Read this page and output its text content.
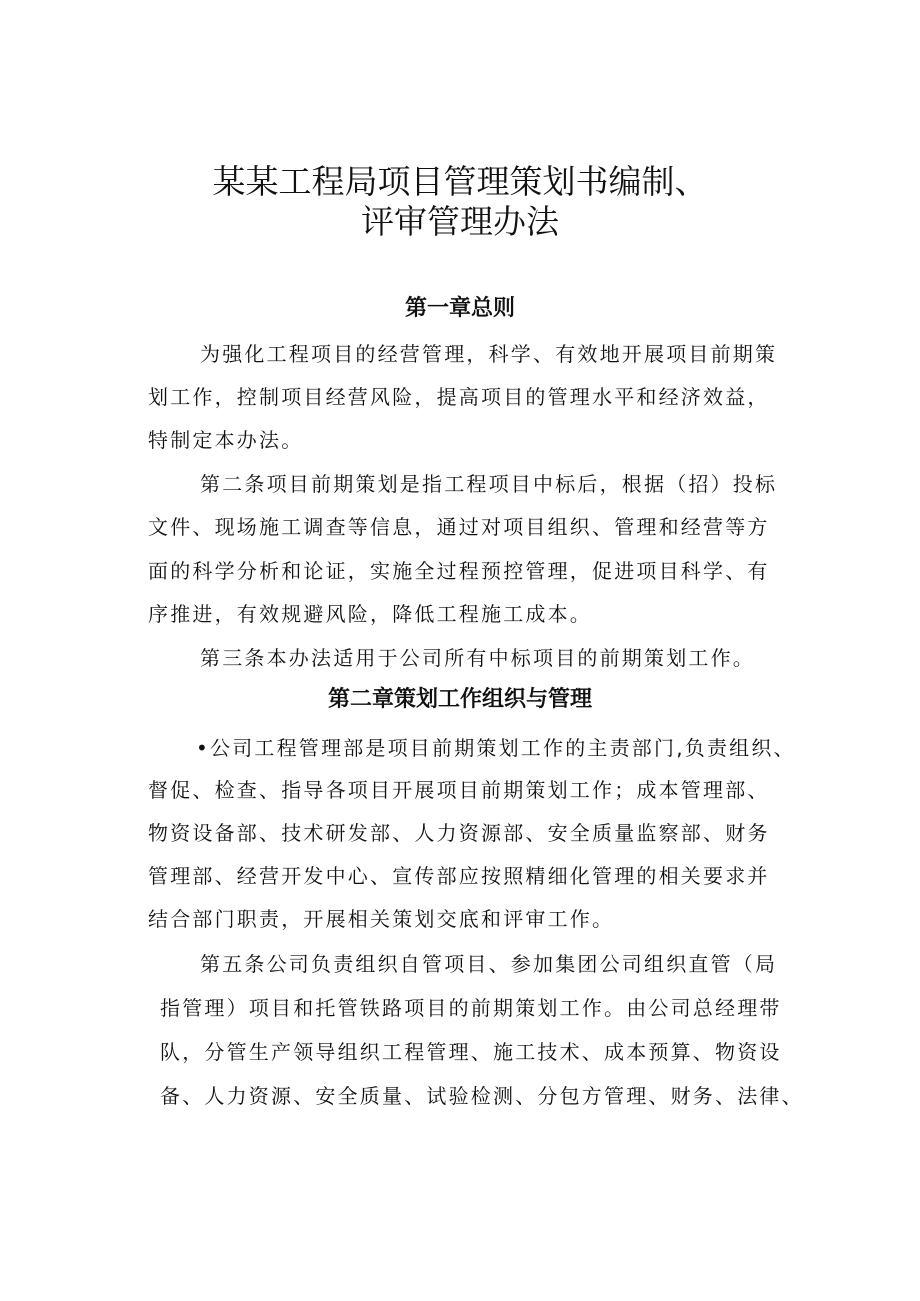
某某工程局项目管理策划书编制、
评审管理办法
第一章总则
为强化工程项目的经营管理，科学、有效地开展项目前期策
划工作，控制项目经营风险，提高项目的管理水平和经济效益，
特制定本办法。
第二条项目前期策划是指工程项目中标后，根据（招）投标
文件、现场施工调查等信息，通过对项目组织、管理和经营等方
面的科学分析和论证，实施全过程预控管理，促进项目科学、有
序推进，有效规避风险，降低工程施工成本。
第三条本办法适用于公司所有中标项目的前期策划工作。
第二章策划工作组织与管理
•公司工程管理部是项目前期策划工作的主责部门,负责组织、
督促、检查、指导各项目开展项目前期策划工作；成本管理部、
物资设备部、技术研发部、人力资源部、安全质量监察部、财务
管理部、经营开发中心、宣传部应按照精细化管理的相关要求并
结合部门职责，开展相关策划交底和评审工作。
第五条公司负责组织自管项目、参加集团公司组织直管（局
指管理）项目和托管铁路项目的前期策划工作。由公司总经理带
队，分管生产领导组织工程管理、施工技术、成本预算、物资设
备、人力资源、安全质量、试验检测、分包方管理、财务、法律、
